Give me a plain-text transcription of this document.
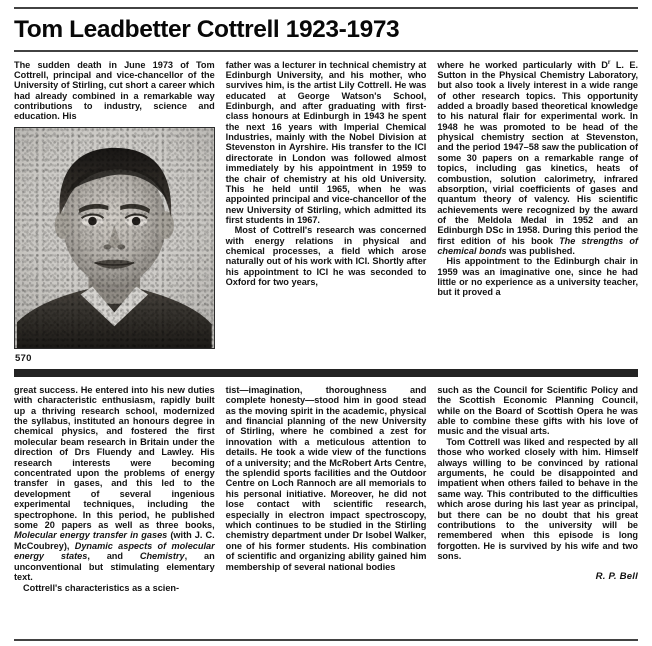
Tom Leadbetter Cottrell 1923-1973
The sudden death in June 1973 of Tom Cottrell, principal and vice-chancellor of the University of Stirling, cut short a career which had already combined in a remarkable way contributions to industry, science and education. His
570

father was a lecturer in technical chemistry at Edinburgh University, and his mother, who survives him, is the artist Lily Cottrell. He was educated at George Watson's School, Edinburgh, and after graduating with first-class honours at Edinburgh in 1943 he spent the next 16 years with Imperial Chemical Industries, mainly with the Nobel Division at Stevenston in Ayrshire. His transfer to the ICI directorate in London was followed almost immediately by his appointment in 1959 to the chair of chemistry at his old University. This he held until 1965, when he was appointed principal and vice-chancellor of the new University of Stirling, which admitted its first students in 1967.

Most of Cottrell's research was concerned with energy relations in physical and chemical processes, a field which arose naturally out of his work with ICI. Shortly after his appointment to ICI he was seconded to Oxford for two years,

where he worked particularly with $D^r$ L. E. Sutton in the Physical Chemistry Laboratory, but also took a lively interest in a wide range of other research topics. This opportunity added a broadly based theoretical knowledge to his natural flair for experimental work. In 1948 he was promoted to be head of the physical chemistry section at Stevenston, and the period 1947–58 saw the publication of some 30 papers on a remarkable range of topics, including gas kinetics, heats of combustion, solution calorimetry, infrared absorption, virial coefficients of gases and quantum theory of valency. His scientific achievements were recognized by the award of the Meldola Medal in 1952 and an Edinburgh DSc in 1958. During this period the first edition of his book The strengths of chemical bonds was published.

His appointment to the Edinburgh chair in 1959 was an imaginative one, since he had little or no experience as a university teacher, but it proved a

great success. He entered into his new duties with characteristic enthusiasm, rapidly built up a thriving research school, modernized the syllabus, instituted an honours degree in chemical physics, and fostered the first molecular beam research in Britain under the direction of Drs Fluendy and Lawley. His research interests were becoming concentrated upon the problems of energy transfer in gases, and this led to the development of several ingenious experimental techniques, including the spectrophone. In this period, he published some 20 papers as well as three books, Molecular energy transfer in gases (with J. C. McCoubrey), Dynamic aspects of molecular energy states, and Chemistry, an unconventional but stimulating elementary text.

Cottrell's characteristics as a scien-

tist—imagination, thoroughness and complete honesty—stood him in good stead as the moving spirit in the academic, physical and financial planning of the new University of Stirling, where he combined a zest for innovation with a meticulous attention to details. He took a wide view of the functions of a university; and the McRobert Arts Centre, the splendid sports facilities and the Outdoor Centre on Loch Rannoch are all memorials to his personal initiative. Moreover, he did not lose contact with scientific research, especially in electron impact spectroscopy, which continues to be studied in the Stirling chemistry department under Dr Isobel Walker, one of his former students. His combination of scientific and organizing ability gained him membership of several national bodies

such as the Council for Scientific Policy and the Scottish Economic Planning Council, while on the Board of Scottish Opera he was able to combine these gifts with his love of music and the visual arts.

Tom Cottrell was liked and respected by all those who worked closely with him. Himself always willing to be convinced by rational arguments, he could be disappointed and impatient when others failed to behave in the same way. This contributed to the difficulties which arose during his last year as principal, but there can be no doubt that his great contributions to the university will be remembered when this episode is long forgotten. He is survived by his wife and two sons.

R. P. Bell
